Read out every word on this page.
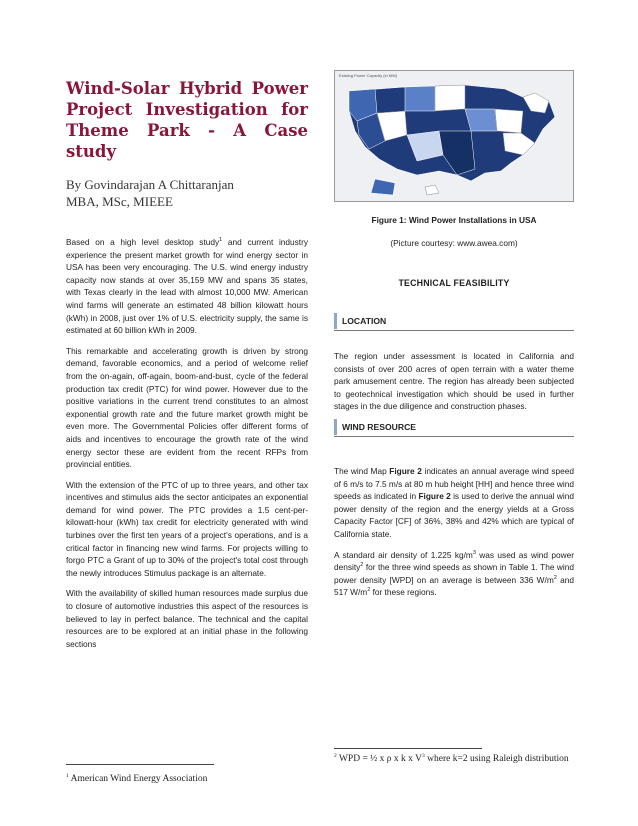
Wind-Solar Hybrid Power Project Investigation for Theme Park - A Case study
By Govindarajan A Chittaranjan
MBA, MSc, MIEEE

Based on a high level desktop study$^1$ and current industry experience the present market growth for wind energy sector in USA has been very encouraging. The U.S. wind energy industry capacity now stands at over 35,159 MW and spans 35 states, with Texas clearly in the lead with almost 10,000 MW. American wind farms will generate an estimated 48 billion kilowatt hours (kWh) in 2008, just over 1% of U.S. electricity supply, the same is estimated at 60 billion kWh in 2009.

This remarkable and accelerating growth is driven by strong demand, favorable economics, and a period of welcome relief from the on-again, off-again, boom-and-bust, cycle of the federal production tax credit (PTC) for wind power. However due to the positive variations in the current trend constitutes to an almost exponential growth rate and the future market growth might be even more. The Governmental Policies offer different forms of aids and incentives to encourage the growth rate of the wind energy sector these are evident from the recent RFPs from provincial entities.

With the extension of the PTC of up to three years, and other tax incentives and stimulus aids the sector anticipates an exponential demand for wind power. The PTC provides a 1.5 cent-per-kilowatt-hour (kWh) tax credit for electricity generated with wind turbines over the first ten years of a project's operations, and is a critical factor in financing new wind farms. For projects willing to forgo PTC a Grant of up to 30% of the project's total cost through the newly introduces Stimulus package is an alternate.

With the availability of skilled human resources made surplus due to closure of automotive industries this aspect of the resources is believed to lay in perfect balance. The technical and the capital resources are to be explored at an initial phase in the following sections

$^1$ American Wind Energy Association
Existing Power Capacity (in MW)
Figure 1: Wind Power Installations in USA
(Picture courtesy: www.awea.com)
TECHNICAL FEASIBILITY
LOCATION

The region under assessment is located in California and consists of over 200 acres of open terrain with a water theme park amusement centre. The region has already been subjected to geotechnical investigation which should be used in further stages in the due diligence and construction phases.

WIND RESOURCE

The wind Map Figure 2 indicates an annual average wind speed of 6 m/s to 7.5 m/s at 80 m hub height [HH] and hence three wind speeds as indicated in Figure 2 is used to derive the annual wind power density of the region and the energy yields at a Gross Capacity Factor [CF] of 36%, 38% and 42% which are typical of California state.

A standard air density of 1.225 $kg/m^3$ was used as wind power density$^2$ for the three wind speeds as shown in Table 1. The wind power density [WPD] on an average is between 336 $W/m^2$ and 517 $W/m^2$ for these regions.

$^2$ WPD = ½ x ρ x k x $V^3$ where k=2 using Raleigh distribution
